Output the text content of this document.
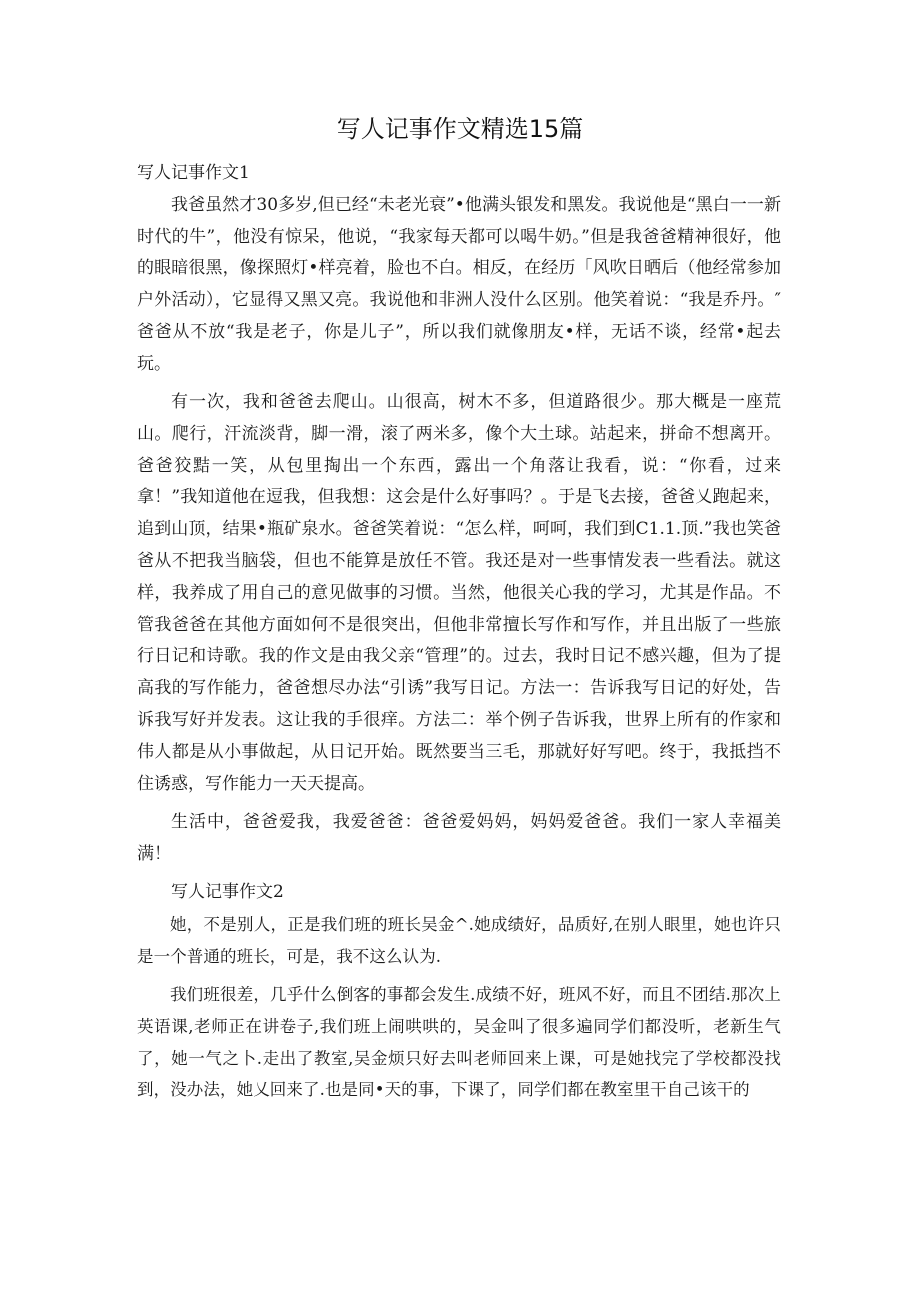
写人记事作文精选15篇

写人记事作文1

我爸虽然才30多岁,但已经“未老光衰”•他满头银发和黑发。我说他是“黑白一一新时代的牛”，他没有惊呆，他说，“我家每天都可以喝牛奶。”但是我爸爸精神很好，他的眼暗很黑，像探照灯•样亮着，脸也不白。相反，在经历「风吹日晒后（他经常参加户外活动），它显得又黑又亮。我说他和非洲人没什么区别。他笑着说：“我是乔丹。″爸爸从不放“我是老子，你是儿子”，所以我们就像朋友•样，无话不谈，经常•起去玩。

有一次，我和爸爸去爬山。山很高，树木不多，但道路很少。那大概是一座荒山。爬行，汗流淡背，脚一滑，滚了两米多，像个大土球。站起来，拼命不想离开。爸爸狡黠一笑，从包里掏出一个东西，露出一个角落让我看，说：“你看，过来拿！”我知道他在逗我，但我想：这会是什么好事吗？。于是飞去接，爸爸乂跑起来，追到山顶，结果•瓶矿泉水。爸爸笑着说：“怎么样，呵呵，我们到C1.1.顶.”我也笑爸爸从不把我当脑袋，但也不能算是放任不管。我还是对一些事情发表一些看法。就这样，我养成了用自己的意见做事的习惯。当然，他很关心我的学习，尤其是作品。不管我爸爸在其他方面如何不是很突出，但他非常擅长写作和写作，并且出版了一些旅行日记和诗歌。我的作文是由我父亲“管理”的。过去，我时日记不感兴趣，但为了提高我的写作能力，爸爸想尽办法“引诱”我写日记。方法一：告诉我写日记的好处，告诉我写好并发表。这让我的手很痒。方法二：举个例子告诉我，世界上所有的作家和伟人都是从小事做起，从日记开始。既然要当三毛，那就好好写吧。终于，我抵挡不住诱惑，写作能力一天天提高。

生活中，爸爸爱我，我爱爸爸：爸爸爱妈妈，妈妈爱爸爸。我们一家人幸福美满！

写人记事作文2

她，不是别人，正是我们班的班长吴金^.她成绩好，品质好,在别人眼里，她也许只是一个普通的班长，可是，我不这么认为.

我们班很差，几乎什么倒客的事都会发生.成绩不好，班风不好，而且不团结.那次上英语课,老师正在讲卷子,我们班上闹哄哄的，吴金叫了很多遍同学们都没听，老新生气了，她一气之卜.走出了教室,吴金烦只好去叫老师回来上课，可是她找完了学校都没找到，没办法，她乂回来了.也是同•天的事，下课了，同学们都在教室里干自己该干的
